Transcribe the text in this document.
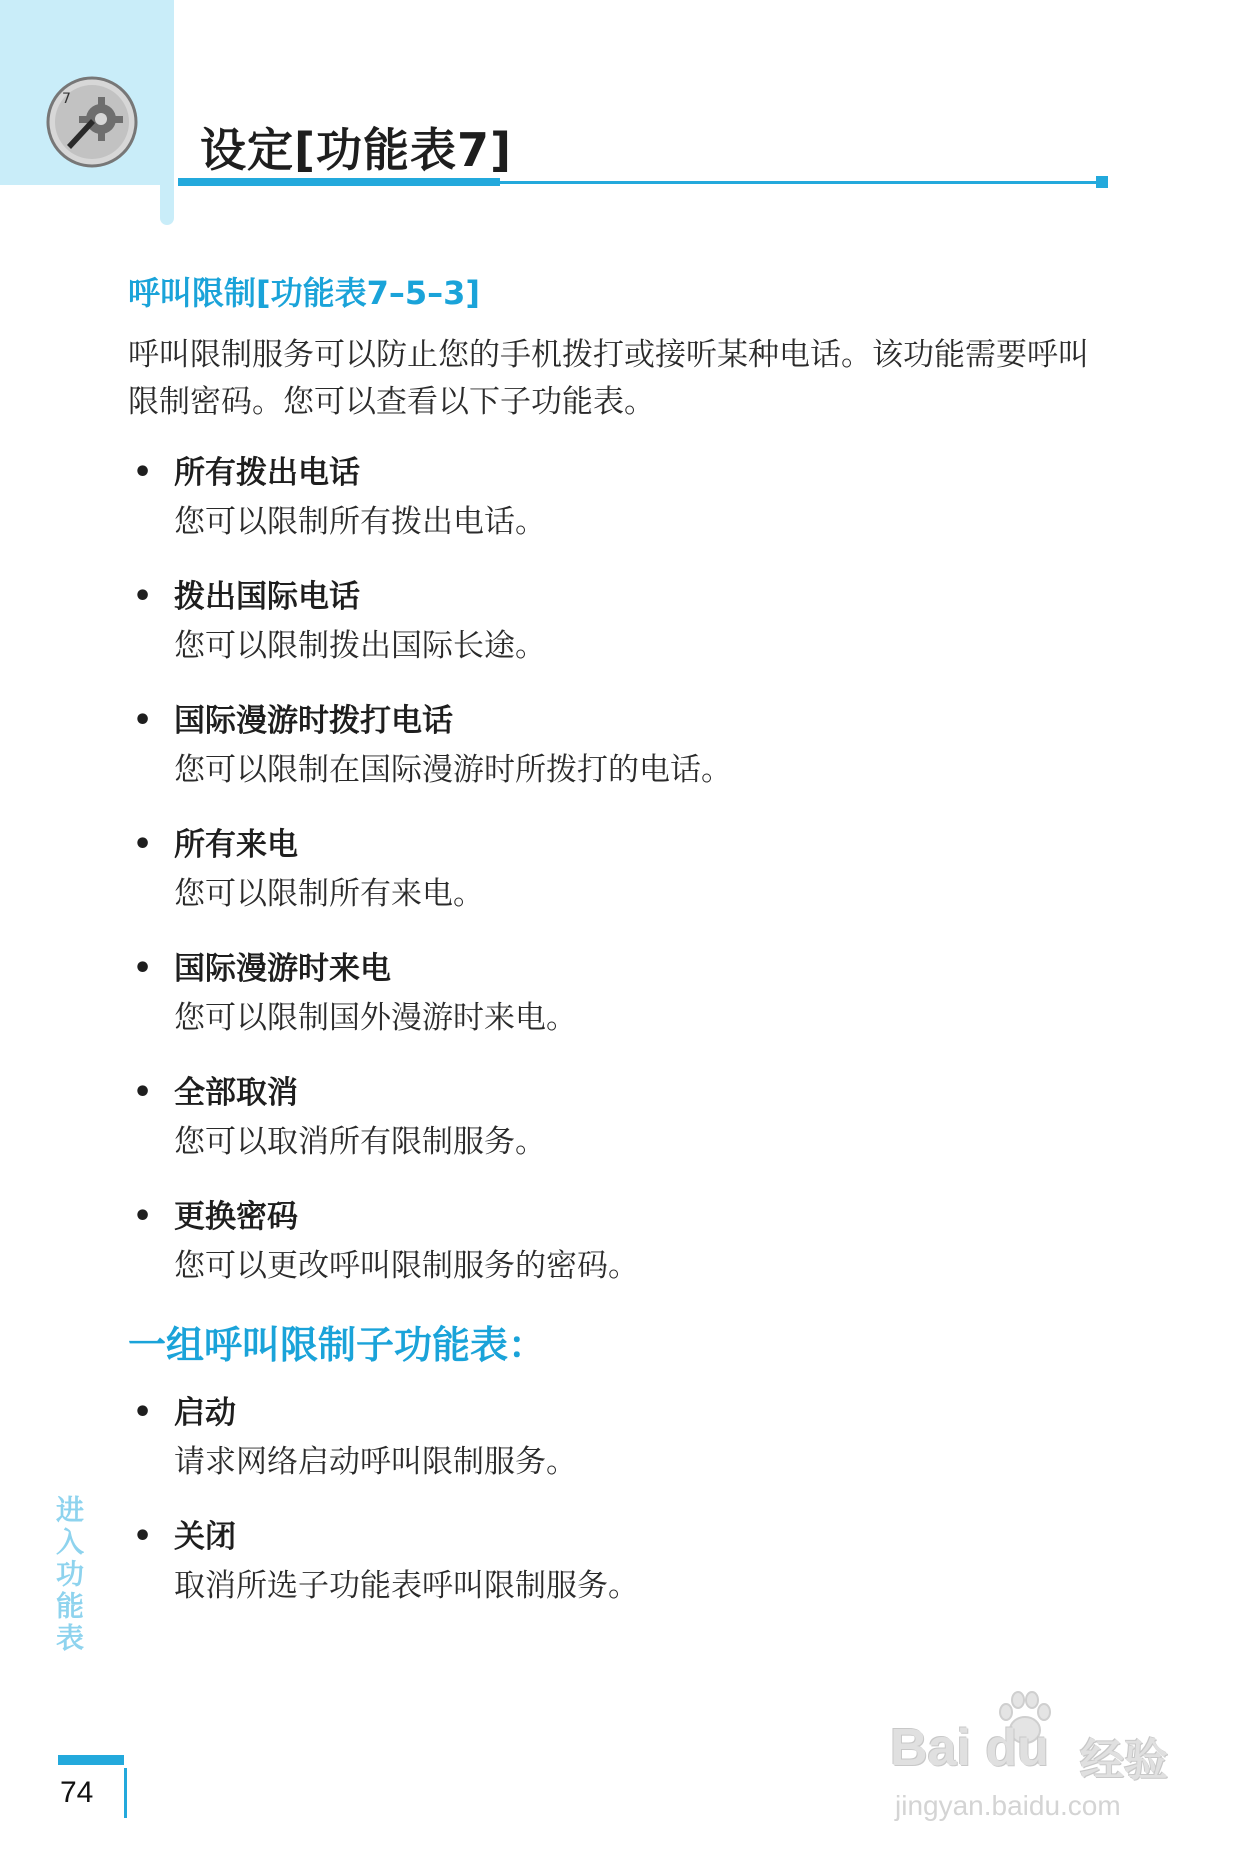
7
设定[功能表7]
呼叫限制[功能表7–5–3]

呼叫限制服务可以防止您的手机拨打或接听某种电话。该功能需要呼叫限制密码。您可以查看以下子功能表。

• 所有拨出电话
您可以限制所有拨出电话。
• 拨出国际电话
您可以限制拨出国际长途。
• 国际漫游时拨打电话
您可以限制在国际漫游时所拨打的电话。
• 所有来电
您可以限制所有来电。
• 国际漫游时来电
您可以限制国外漫游时来电。
• 全部取消
您可以取消所有限制服务。
• 更换密码
您可以更改呼叫限制服务的密码。
一组呼叫限制子功能表：
• 启动
请求网络启动呼叫限制服务。
• 关闭
取消所选子功能表呼叫限制服务。
进入功能表
74
Bai du 经验
jingyan.baidu.com
